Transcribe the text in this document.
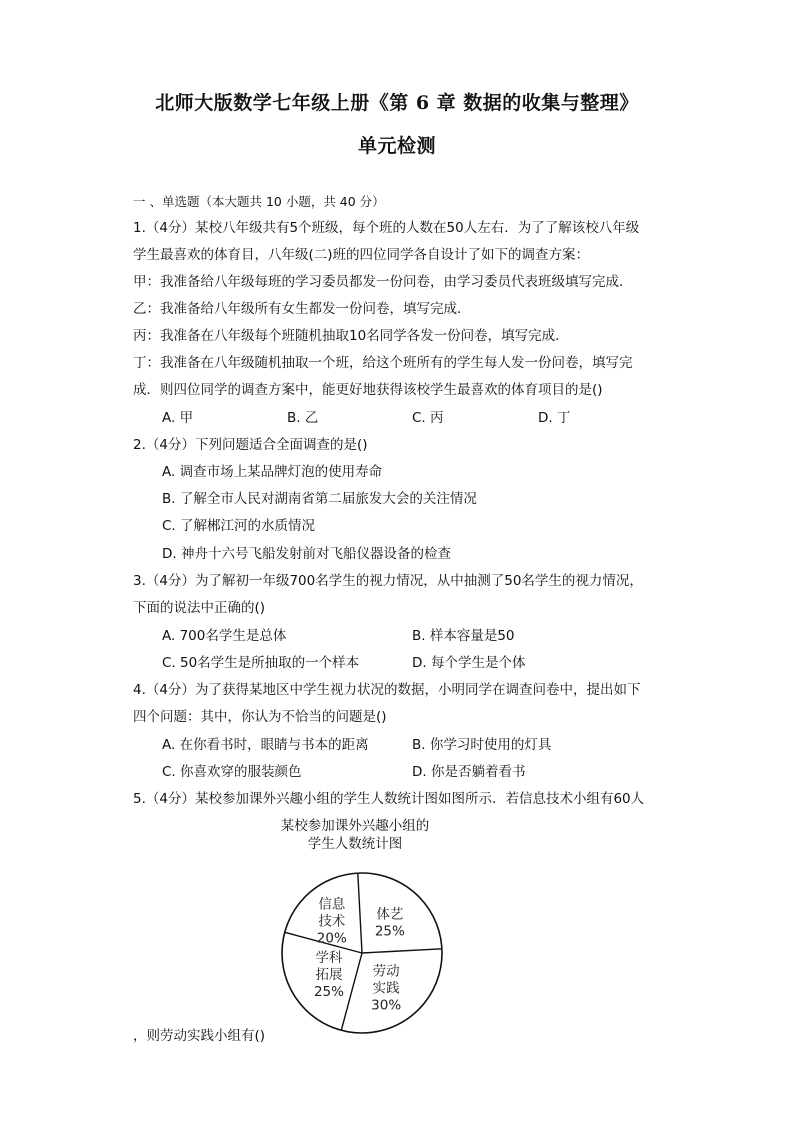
北师大版数学七年级上册《第 6 章 数据的收集与整理》
单元检测
一 、单选题（本大题共 10 小题，共 40 分）
1.（4分）某校八年级共有5个班级，每个班的人数在50人左右．为了了解该校八年级
学生最喜欢的体育目，八年级(二)班的四位同学各自设计了如下的调查方案：
甲：我准备给八年级每班的学习委员都发一份问卷，由学习委员代表班级填写完成．
乙：我准备给八年级所有女生都发一份问卷，填写完成．
丙：我准备在八年级每个班随机抽取10名同学各发一份问卷，填写完成．
丁：我准备在八年级随机抽取一个班，给这个班所有的学生每人发一份问卷，填写完
成．则四位同学的调查方案中，能更好地获得该校学生最喜欢的体育项目的是()
A. 甲	B. 乙	C. 丙	D. 丁
2.（4分）下列问题适合全面调查的是()
A. 调查市场上某品牌灯泡的使用寿命
B. 了解全市人民对湖南省第二届旅发大会的关注情况
C. 了解郴江河的水质情况
D. 神舟十六号飞船发射前对飞船仪器设备的检查
3.（4分）为了解初一年级700名学生的视力情况，从中抽测了50名学生的视力情况，
下面的说法中正确的()
A. 700名学生是总体	B. 样本容量是50
C. 50名学生是所抽取的一个样本	D. 每个学生是个体
4.（4分）为了获得某地区中学生视力状况的数据，小明同学在调查问卷中，提出如下
四个问题：其中，你认为不恰当的问题是()
A. 在你看书时，眼睛与书本的距离	B. 你学习时使用的灯具
C. 你喜欢穿的服装颜色	D. 你是否躺着看书
5.（4分）某校参加课外兴趣小组的学生人数统计图如图所示．若信息技术小组有60人
某校参加课外兴趣小组的
学生人数统计图
体艺 25%
劳动实践 30%
学科拓展 25%
信息技术 20%
，则劳动实践小组有()
